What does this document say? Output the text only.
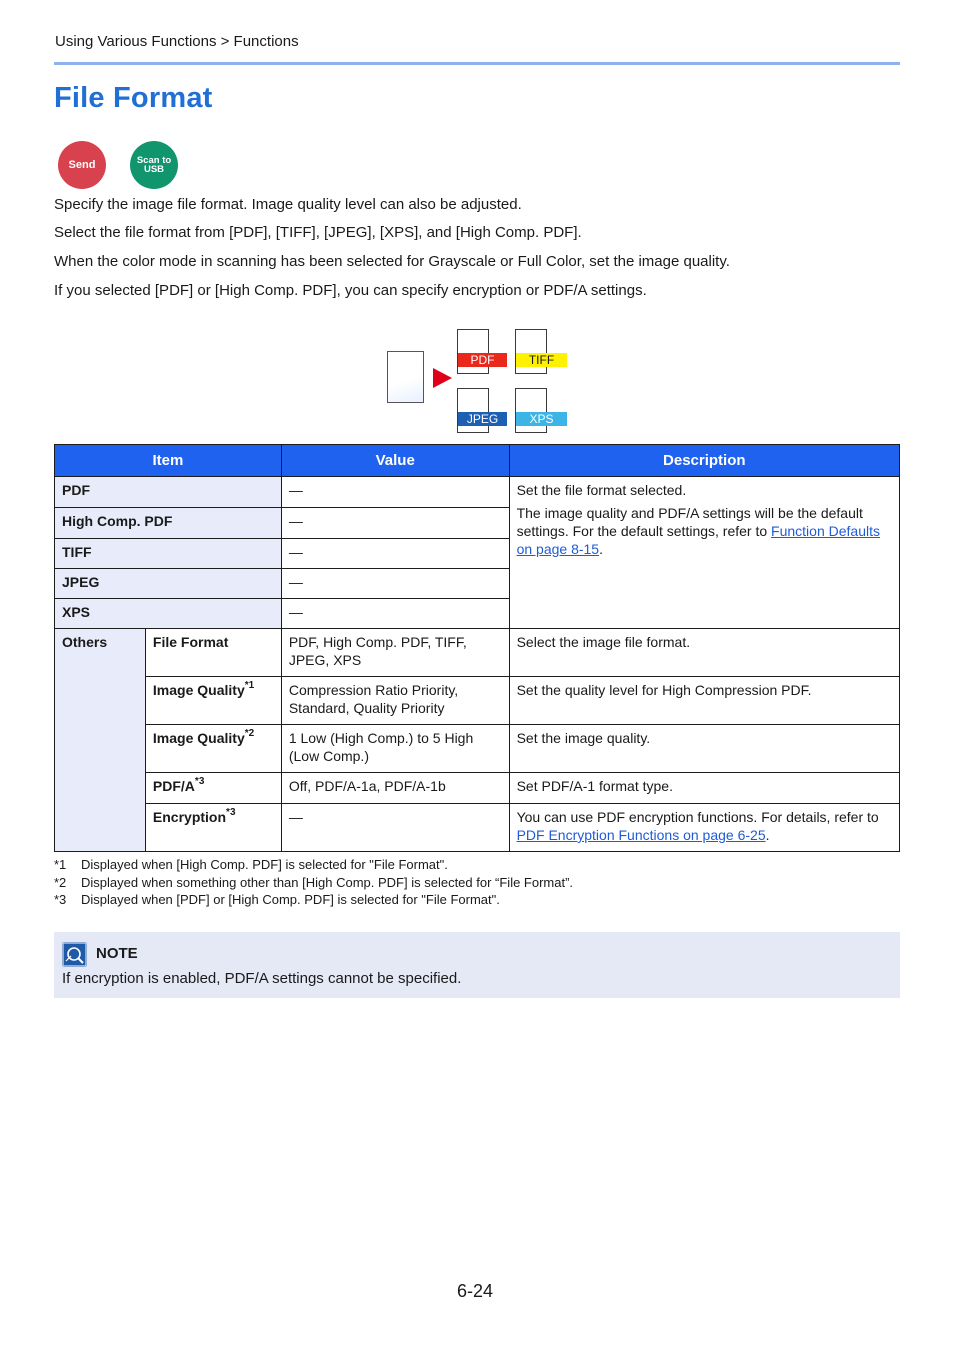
Using Various Functions > Functions
File Format
Send	Scan to
USB

Specify the image file format. Image quality level can also be adjusted.

Select the file format from [PDF], [TIFF], [JPEG], [XPS], and [High Comp. PDF].

When the color mode in scanning has been selected for Grayscale or Full Color, set the image quality.

If you selected [PDF] or [High Comp. PDF], you can specify encryption or PDF/A settings.

PDF	TIFF
JPEG	XPS
Item		Value	Description
PDF		—	Set the file format selected.
The image quality and PDF/A settings will be the default settings. For the default settings, refer to Function Defaults on page 8-15.

High Comp. PDF		—	
TIFF		—	
JPEG		—	
XPS		—	
Others	File Format	PDF, High Comp. PDF, TIFF, JPEG, XPS	Select the image file format.
	Image Quality$^{*1}$	Compression Ratio Priority, Standard, Quality Priority	Set the quality level for High Compression PDF.
	Image Quality$^{*2}$	1 Low (High Comp.) to 5 High (Low Comp.)	Set the image quality.
	PDF/$A^{*3}$	Off, PDF/A-1a, PDF/A-1b	Set PDF/A-1 format type.
	Encryption$^{*3}$	—	You can use PDF encryption functions. For details, refer to PDF Encryption Functions on page 6-25.
*1	Displayed when [High Comp. PDF] is selected for "File Format".
*2	Displayed when something other than [High Comp. PDF] is selected for “File Format”.
*3	Displayed when [PDF] or [High Comp. PDF] is selected for "File Format".
NOTE
If encryption is enabled, PDF/A settings cannot be specified.
6-24
